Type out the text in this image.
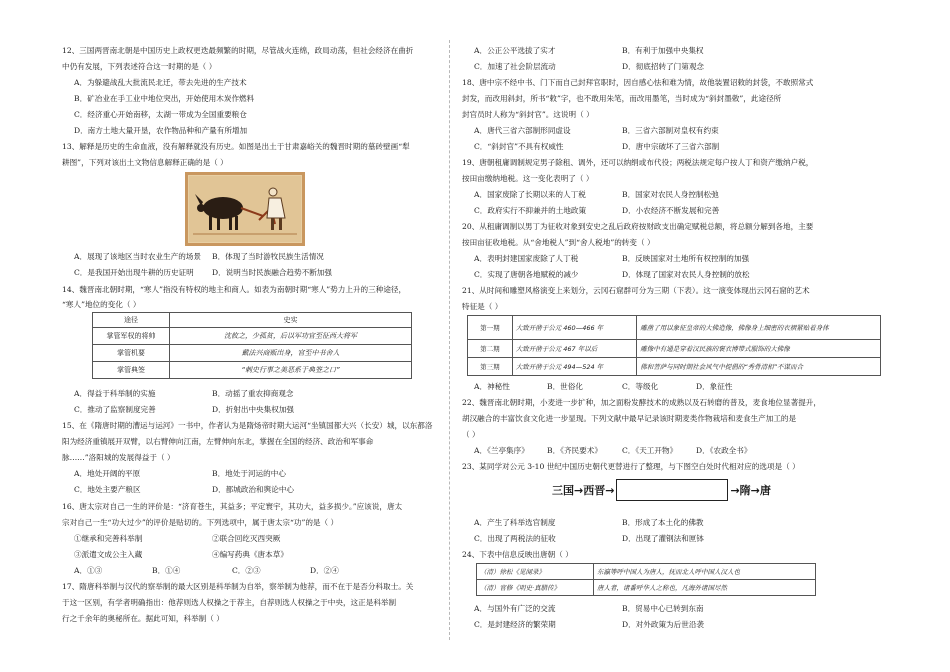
12、三国两晋南北朝是中国历史上政权更迭最频繁的时期，尽管战火连绵，政局动荡，但社会经济在曲折
中仍有发展，下列表述符合这一时期的是（ ）
A．为躲避战乱大批流民北迁，带去先进的生产技术
B．矿冶业在手工业中地位突出，开始使用木炭作燃料
C．经济重心开始南移，太湖一带成为全国重要粮仓
D．南方土地大量开垦，农作物品种和产量有所增加
13、解释是历史的生命血液，没有解释就没有历史。如图是出土于甘肃嘉峪关的魏晋时期的墓砖壁画“犁
耕图”，下列对该出土文物信息解释正确的是（ ）
A．展现了该地区当时农业生产的场景 B．体现了当时游牧民族生活情况
C．是我国开始出现牛耕的历史证明 D．说明当时民族融合趋势不断加强
14、魏晋南北朝时期，“寒人”指没有特权的地主和商人。如表为南朝时期“寒人”势力上升的三种途径，
“寒人”地位的变化（ ）
途径	史实
掌管军权的将帅	沈攸之，少孤贫，后以军功官至征西大将军
掌管机要	戴法兴商贩出身，官至中书舍人
掌管典签	“刺史行事之美恶系于典签之口”
A．得益于科举制的实施	B．动摇了重农抑商观念
C．推动了监察制度完善	D．折射出中央集权加强
15、在《隋唐时期的漕运与运河》一书中，作者认为是隋炀帝时期大运河“坐镇国都大兴（长安）城，以东都洛
阳为经济重镇展开双臂，以右臂伸向江南，左臂伸向东北，掌握在全国的经济、政治和军事命
脉……”洛阳城的发展得益于（ ）
A．地处开阔的平原	B．地处于河运的中心
C．地处主要产粮区	D．都城政治和舆论中心
16、唐太宗对自己一生的评价是：“济育苍生，其益多；平定寰宇，其功大，益多损少。”应该说，唐太
宗对自己一生“功大过少”的评价是贴切的。下列选项中，属于唐太宗“功”的是（ ）
①继承和完善科举制	②联合回纥灭西突厥
③派遣文成公主入藏	④编写药典《唐本草》
A．①③	B．①④	C．②③	D．②④
17、隋唐科举制与汉代的察举制的最大区别是科举制为自举，察举制为他荐，而不在于是否分科取士。关
于这一区别，有学者明确指出：他荐则选人权操之于荐主，自荐则选人权操之于中央，这正是科举制
行之千余年的奥秘所在。据此可知，科举制（ ）
A．公正公平选拔了实才	B．有利于加强中央集权
C．加速了社会阶层流动	D．彻底招转了门第观念
18、唐中宗不经中书、门下而自己封拜官职时，因自感心怯和难为情，故他装置诏敕的封袋，不敢照常式
封发，而改用斜封，所书“敕”字，也不敢用朱笔，而改用墨笔，当时成为“斜封墨敕”，此途径所
封官员时人称为“斜封官”。这说明（ ）
A．唐代三省六部制形同虚设	B．三省六部制对皇权有约束
C．“斜封官”不具有权威性	D．唐中宗破坏了三省六部制
19、唐朝租庸调制规定男子除租、调外，还可以纳绢或布代役；两税法规定每户按人丁和资产缴纳户税，
按田亩缴纳地税。这一变化表明了（ ）
A．国家废除了长期以来的人丁税	B．国家对农民人身控制松弛
C．政府实行不抑兼并的土地政策	D．小农经济不断发展和完善
20、从租庸调制以男丁为征收对象到安史之乱后政府按财政支出确定赋税总额，将总额分解到各地，主要
按田亩征收地税。从“舍地税人”到“舍人税地”的转变（ ）
A．表明封建国家废除了人丁税	B．反映国家对土地所有权控制的加强
C．实现了唐朝各地赋税的减少	D．体现了国家对农民人身控制的放松
21、从时间和雕塑风格演变上来划分，云冈石窟群可分为三期（下表）。这一演变体现出云冈石窟的艺术
特征是（ ）
第一期	大致开凿于公元 460—466 年	雕凿了用以象征皇帝的大佛造像，佛像身上细密的衣褶紧贴着身体
第二期	大致开凿于公元 467 年以后	雕像中有通是穿着汉民族的褒衣博带式服饰的大佛像
第三期	大致开凿于公元 494—524 年	佛和菩萨与同时期社会风气中提倡的“秀骨清相”不谋而合
A．神秘性	B．世俗化	C．等级化	D．象征性
22、魏晋南北朝时期，小麦进一步扩种，加之面粉发酵技术的成熟以及石转磨的普及，麦食地位显著提升，
胡汉融合的丰富饮食文化进一步显现。下列文献中最早记录该时期麦类作物栽培和麦食生产加工的是
（ ）
A．《兰亭集序》 B．《齐民要术》	C．《天工开物》 D．《农政全书》
23、某同学对公元 3-10 世纪中国历史朝代更替进行了整理，与下图空白处时代相对应的选项是（ ）
三国→西晋→	→隋→唐
A．产生了科举选官制度	B．形成了本土化的佛教
C．出现了两税法的征收	D．出现了灌钢法和匣钵
24、下表中信息反映出唐朝（ ）
（清）徐松《见闻录》	东瀛等呼中国人为唐人，抚而北人呼中国人汉人也
（清）官修《明史·真腊传》	唐人者，诸番呼华人之称也，凡海外诸国尽然
A．与国外有广泛的交流	B．贸易中心已转到东南
C．是封建经济的繁荣期	D．对外政策为后世沿袭
